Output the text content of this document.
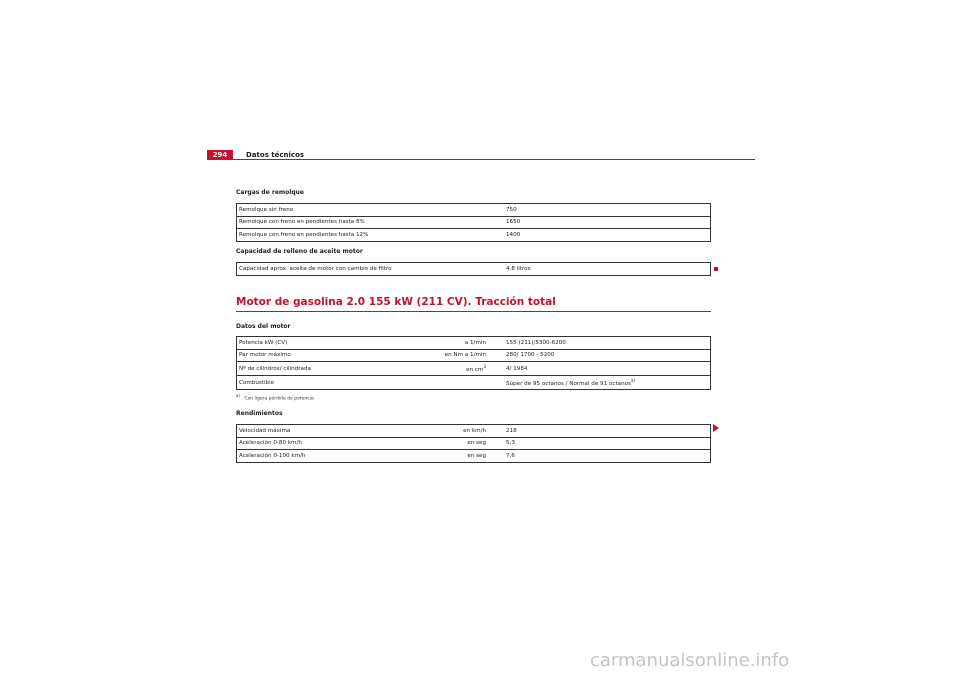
294	Datos técnicos
Cargas de remolque
Remolque sin freno			750
Remolque con freno en pendientes hasta 8%			1650
Remolque con freno en pendientes hasta 12%			1400
Capacidad de relleno de aceite motor
Capacidad aprox. aceite de motor con cambio de filtro			4,8 litros
Motor de gasolina 2.0 155 kW (211 CV). Tracción total
Datos del motor
Potencia kW (CV)	a 1/min		155 (211)/5300-6200
Par motor máximo	en Nm a 1/min		280/ 1700 - 5200
Nº de cilindros/ cilindrada	en $cm^3$		4/ 1984
Combustible			Súper de 95 octanos / Normal de 91 octanos$^{a)}$
$^{a)}$   Con ligera pérdida de potencia
Rendimientos
Velocidad máxima	en km/h		218
Aceleración 0-80 km/h	en seg		5,3
Aceleración 0-100 km/h	en seg		7,6
carmanualsonline.info
